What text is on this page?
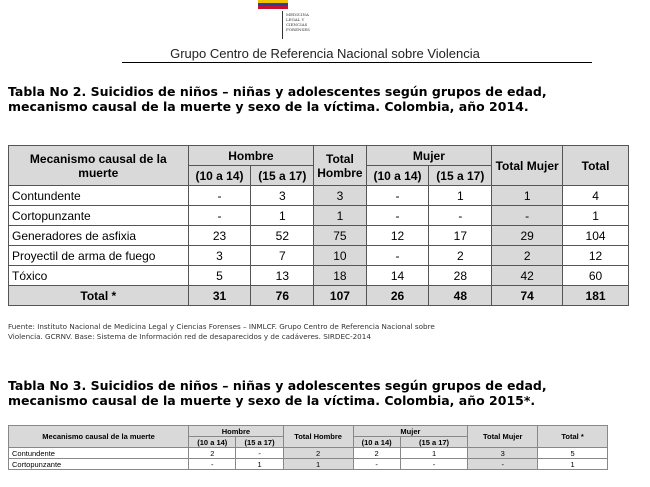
MEDICINA
LEGAL Y
CIENCIAS
FORENSES
Grupo Centro de Referencia Nacional sobre Violencia
Tabla No 2. Suicidios de niños – niñas y adolescentes según grupos de edad,
mecanismo causal de la muerte y sexo de la víctima. Colombia, año 2014.
Mecanismo causal de la muerte	Hombre		Total Hombre	Mujer		Total Mujer	Total
	(10 a 14)	(15 a 17)		(10 a 14)	(15 a 17)		
Contundente	-	3	3	-	1	1	4
Cortopunzante	-	1	1	-	-	-	1
Generadores de asfixia	23	52	75	12	17	29	104
Proyectil de arma de fuego	3	7	10	-	2	2	12
Tóxico	5	13	18	14	28	42	60
Total *	31	76	107	26	48	74	181
Fuente: Instituto Nacional de Medicina Legal y Ciencias Forenses – INMLCF. Grupo Centro de Referencia Nacional sobre
Violencia. GCRNV. Base: Sistema de Información red de desaparecidos y de cadáveres. SIRDEC-2014
Tabla No 3. Suicidios de niños – niñas y adolescentes según grupos de edad,
mecanismo causal de la muerte y sexo de la víctima. Colombia, año 2015*.
Mecanismo causal de la muerte	Hombre		Total Hombre	Mujer		Total Mujer	Total *
	(10 a 14)	(15 a 17)		(10 a 14)	(15 a 17)		
Contundente	2	-	2	2	1	3	5
Cortopunzante	-	1	1	-	-	-	1
